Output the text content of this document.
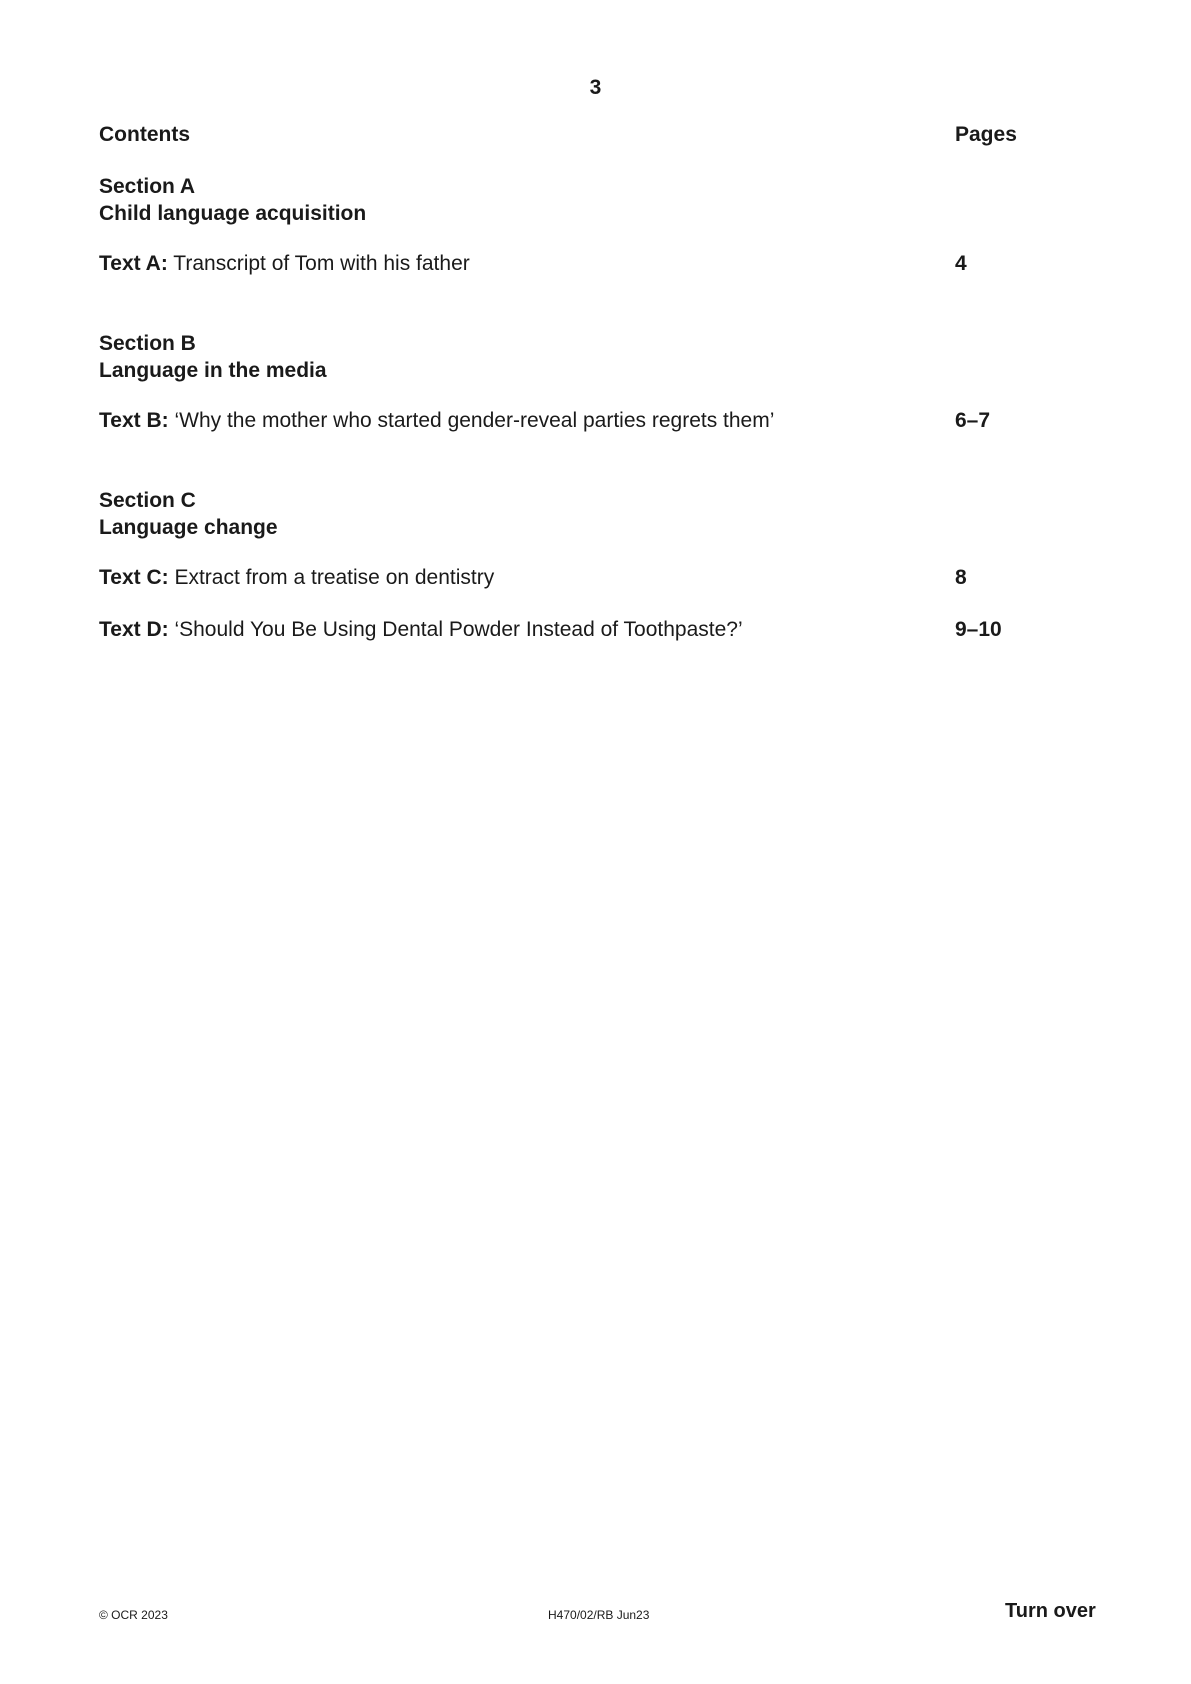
3
Contents	Pages
Section A
Child language acquisition
Text A: Transcript of Tom with his father	4
Section B
Language in the media
Text B: ‘Why the mother who started gender-reveal parties regrets them’	6–7
Section C
Language change
Text C: Extract from a treatise on dentistry	8
Text D: ‘Should You Be Using Dental Powder Instead of Toothpaste?’	9–10
© OCR 2023	H470/02/RB Jun23	Turn over
